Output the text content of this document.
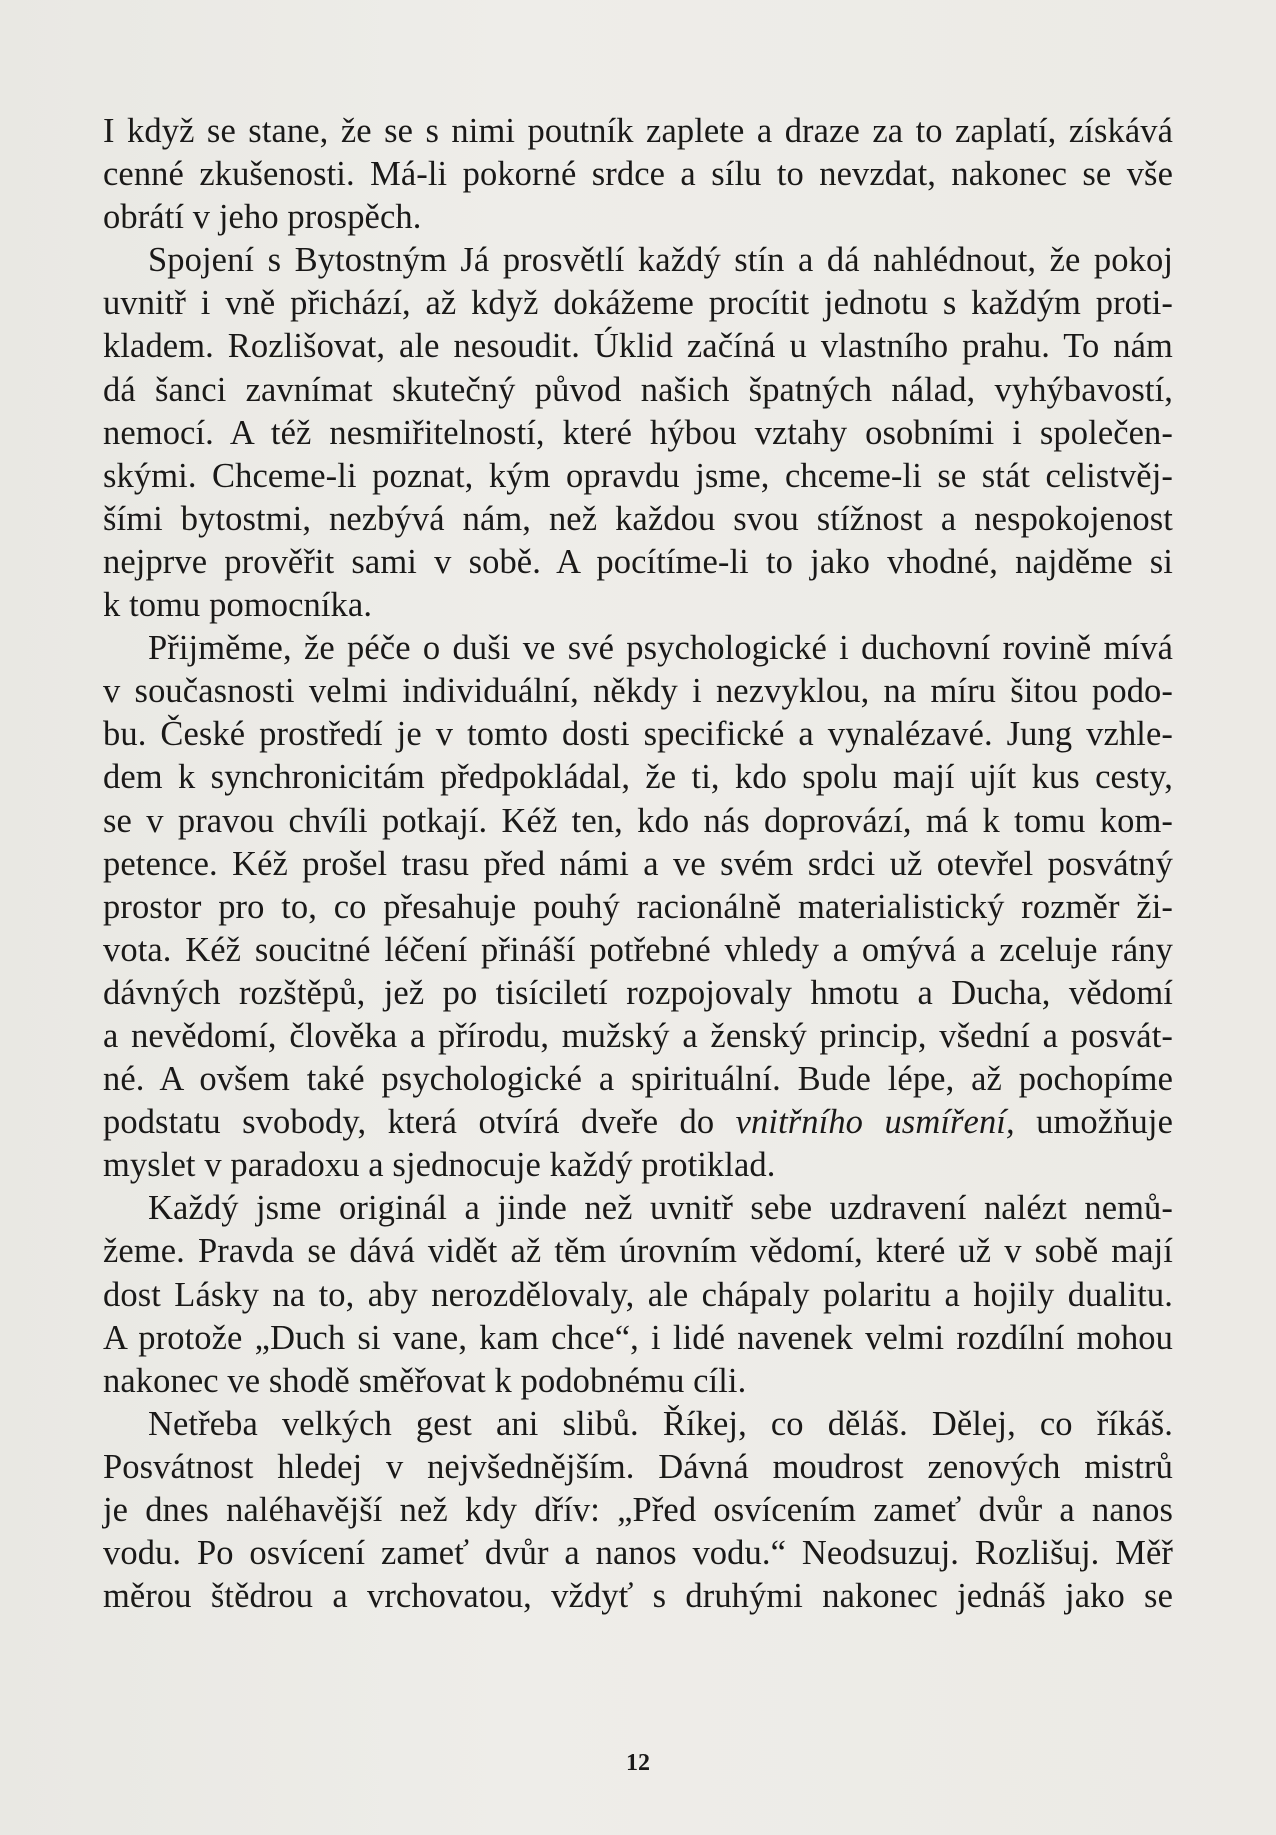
I když se stane, že se s nimi poutník zaplete a draze za to zaplatí, získává
cenné zkušenosti. Má-li pokorné srdce a sílu to nevzdat, nakonec se vše
obrátí v jeho prospěch.
Spojení s Bytostným Já prosvětlí každý stín a dá nahlédnout, že pokoj
uvnitř i vně přichází, až když dokážeme procítit jednotu s každým proti-
kladem. Rozlišovat, ale nesoudit. Úklid začíná u vlastního prahu. To nám
dá šanci zavnímat skutečný původ našich špatných nálad, vyhýbavostí,
nemocí. A též nesmiřitelností, které hýbou vztahy osobními i společen-
skými. Chceme-li poznat, kým opravdu jsme, chceme-li se stát celistvěj-
šími bytostmi, nezbývá nám, než každou svou stížnost a nespokojenost
nejprve prověřit sami v sobě. A pocítíme-li to jako vhodné, najděme si
k tomu pomocníka.
Přijměme, že péče o duši ve své psychologické i duchovní rovině mívá
v současnosti velmi individuální, někdy i nezvyklou, na míru šitou podo-
bu. České prostředí je v tomto dosti specifické a vynalézavé. Jung vzhle-
dem k synchronicitám předpokládal, že ti, kdo spolu mají ujít kus cesty,
se v pravou chvíli potkají. Kéž ten, kdo nás doprovází, má k tomu kom-
petence. Kéž prošel trasu před námi a ve svém srdci už otevřel posvátný
prostor pro to, co přesahuje pouhý racionálně materialistický rozměr ži-
vota. Kéž soucitné léčení přináší potřebné vhledy a omývá a zceluje rány
dávných rozštěpů, jež po tisíciletí rozpojovaly hmotu a Ducha, vědomí
a nevědomí, člověka a přírodu, mužský a ženský princip, všední a posvát-
né. A ovšem také psychologické a spirituální. Bude lépe, až pochopíme
podstatu svobody, která otvírá dveře do vnitřního usmíření, umožňuje
myslet v paradoxu a sjednocuje každý protiklad.
Každý jsme originál a jinde než uvnitř sebe uzdravení nalézt nemů-
žeme. Pravda se dává vidět až těm úrovním vědomí, které už v sobě mají
dost Lásky na to, aby nerozdělovaly, ale chápaly polaritu a hojily dualitu.
A protože „Duch si vane, kam chce“, i lidé navenek velmi rozdílní mohou
nakonec ve shodě směřovat k podobnému cíli.
Netřeba velkých gest ani slibů. Říkej, co děláš. Dělej, co říkáš.
Posvátnost hledej v nejvšednějším. Dávná moudrost zenových mistrů
je dnes naléhavější než kdy dřív: „Před osvícením zameť dvůr a nanos
vodu. Po osvícení zameť dvůr a nanos vodu.“ Neodsuzuj. Rozlišuj. Měř
měrou štědrou a vrchovatou, vždyť s druhými nakonec jednáš jako se
12
